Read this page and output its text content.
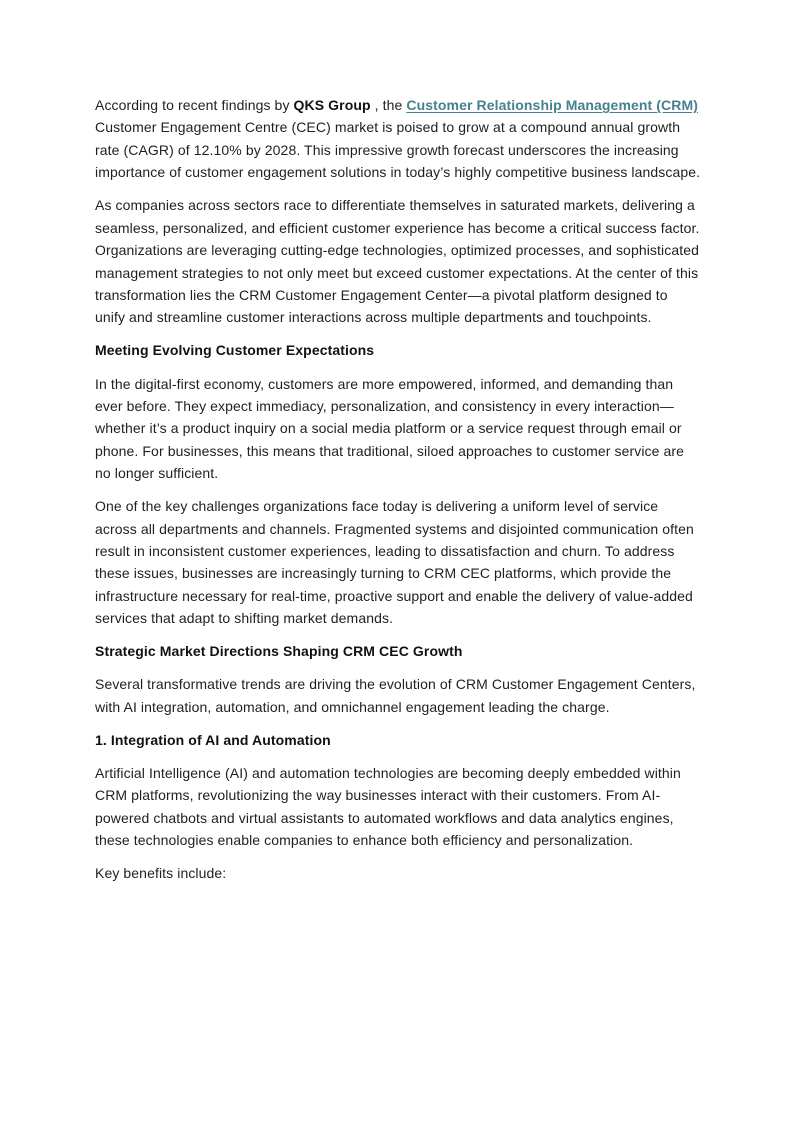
According to recent findings by QKS Group , the Customer Relationship Management (CRM) Customer Engagement Centre (CEC) market is poised to grow at a compound annual growth rate (CAGR) of 12.10% by 2028. This impressive growth forecast underscores the increasing importance of customer engagement solutions in today’s highly competitive business landscape.

As companies across sectors race to differentiate themselves in saturated markets, delivering a seamless, personalized, and efficient customer experience has become a critical success factor. Organizations are leveraging cutting-edge technologies, optimized processes, and sophisticated management strategies to not only meet but exceed customer expectations. At the center of this transformation lies the CRM Customer Engagement Center—a pivotal platform designed to unify and streamline customer interactions across multiple departments and touchpoints.

Meeting Evolving Customer Expectations

In the digital-first economy, customers are more empowered, informed, and demanding than ever before. They expect immediacy, personalization, and consistency in every interaction—whether it’s a product inquiry on a social media platform or a service request through email or phone. For businesses, this means that traditional, siloed approaches to customer service are no longer sufficient.

One of the key challenges organizations face today is delivering a uniform level of service across all departments and channels. Fragmented systems and disjointed communication often result in inconsistent customer experiences, leading to dissatisfaction and churn. To address these issues, businesses are increasingly turning to CRM CEC platforms, which provide the infrastructure necessary for real-time, proactive support and enable the delivery of value-added services that adapt to shifting market demands.

Strategic Market Directions Shaping CRM CEC Growth

Several transformative trends are driving the evolution of CRM Customer Engagement Centers, with AI integration, automation, and omnichannel engagement leading the charge.

1. Integration of AI and Automation

Artificial Intelligence (AI) and automation technologies are becoming deeply embedded within CRM platforms, revolutionizing the way businesses interact with their customers. From AI-powered chatbots and virtual assistants to automated workflows and data analytics engines, these technologies enable companies to enhance both efficiency and personalization.

Key benefits include:
